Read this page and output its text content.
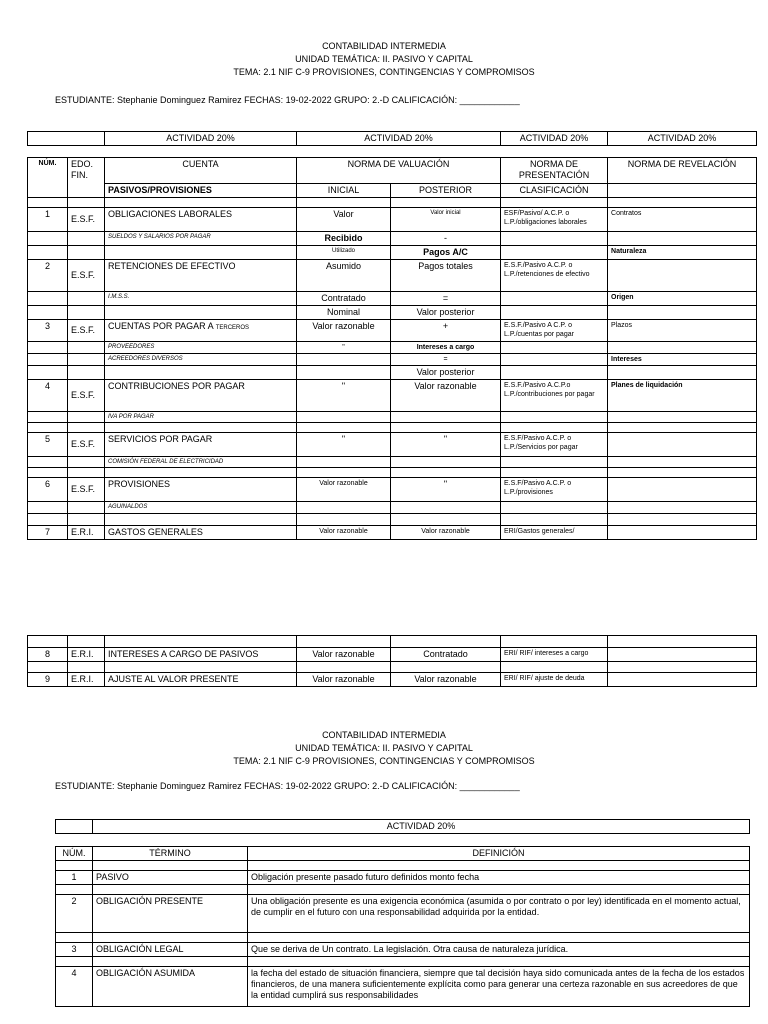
CONTABILIDAD INTERMEDIA
UNIDAD TEMÁTICA: II. PASIVO Y CAPITAL
TEMA: 2.1 NIF C-9 PROVISIONES, CONTINGENCIAS Y COMPROMISOS
ESTUDIANTE: Stephanie Dominguez Ramirez FECHAS: 19-02-2022 GRUPO: 2.-D CALIFICACIÓN: ____________
	ACTIVIDAD 20%	ACTIVIDAD 20%	ACTIVIDAD 20%	ACTIVIDAD 20%
NÚM.	EDO. FIN.	CUENTA	NORMA DE VALUACIÓN		NORMA DE PRESENTACIÓN	NORMA DE REVELACIÓN
		PASIVOS/PROVISIONES	INICIAL	POSTERIOR	CLASIFICACIÓN	

1	E.S.F.	OBLIGACIONES LABORALES	Valor	Valor inicial	ESF/Pasivo/ A.C.P. o L.P./obligaciones laborales	Contratos
		SUELDOS Y SALARIOS POR PAGAR	Recibido	-		
			Utilizado	Pagos A/C		Naturaleza
2	E.S.F.	RETENCIONES DE EFECTIVO	Asumido	Pagos totales	E.S.F./Pasivo A.C.P. o L.P./retenciones de efectivo	
		I.M.S.S.	Contratado	=		Origen
			Nominal	Valor posterior		
3	E.S.F.	CUENTAS POR PAGAR A TERCEROS	Valor razonable	+	E.S.F./Pasivo A C.P. o L.P./cuentas por pagar	Plazos
		PROVEEDORES	"	Intereses a cargo		
		ACREEDORES DIVERSOS		=		Intereses
				Valor posterior		
4	E.S.F.	CONTRIBUCIONES POR PAGAR	"	Valor razonable	E.S.F./Pasivo A.C.P.o L.P./contribuciones por pagar	Planes de liquidación
		IVA POR PAGAR				

5	E.S.F.	SERVICIOS POR PAGAR	"	"	E.S.F/Pasivo A.C.P. o L.P./Servicios por pagar	
		COMISIÓN FEDERAL DE ELECTRICIDAD				

6	E.S.F.	PROVISIONES	Valor razonable	"	E.S.F/Pasivo A.C.P. o L.P./provisiones	
		AGUINALDOS				

7	E.R.I.	GASTOS GENERALES	Valor razonable	Valor razonable	ERI/Gastos generales/	

8	E.R.I.	INTERESES A CARGO DE PASIVOS	Valor razonable	Contratado	ERI/ RIF/ intereses a cargo	

9	E.R.I.	AJUSTE AL VALOR PRESENTE	Valor razonable	Valor razonable	ERI/ RIF/ ajuste de deuda	
CONTABILIDAD INTERMEDIA
UNIDAD TEMÁTICA: II. PASIVO Y CAPITAL
TEMA: 2.1 NIF C-9 PROVISIONES, CONTINGENCIAS Y COMPROMISOS
ESTUDIANTE: Stephanie Dominguez Ramirez FECHAS: 19-02-2022 GRUPO: 2.-D CALIFICACIÓN: ____________
	ACTIVIDAD 20%
NÚM.	TÉRMINO	DEFINICIÓN

1	PASIVO	Obligación presente pasado futuro definidos monto fecha

2	OBLIGACIÓN PRESENTE	Una obligación presente es una exigencia económica (asumida o por contrato o por ley) identificada en el momento actual, de cumplir en el futuro con una responsabilidad adquirida por la entidad.

3	OBLIGACIÓN LEGAL	Que se deriva de Un contrato. La legislación. Otra causa de naturaleza jurídica.

4	OBLIGACIÓN ASUMIDA	la fecha del estado de situación financiera, siempre que tal decisión haya sido comunicada antes de la fecha de los estados financieros, de una manera suficientemente explícita como para generar una certeza razonable en sus acreedores de que la entidad cumplirá sus responsabilidades
